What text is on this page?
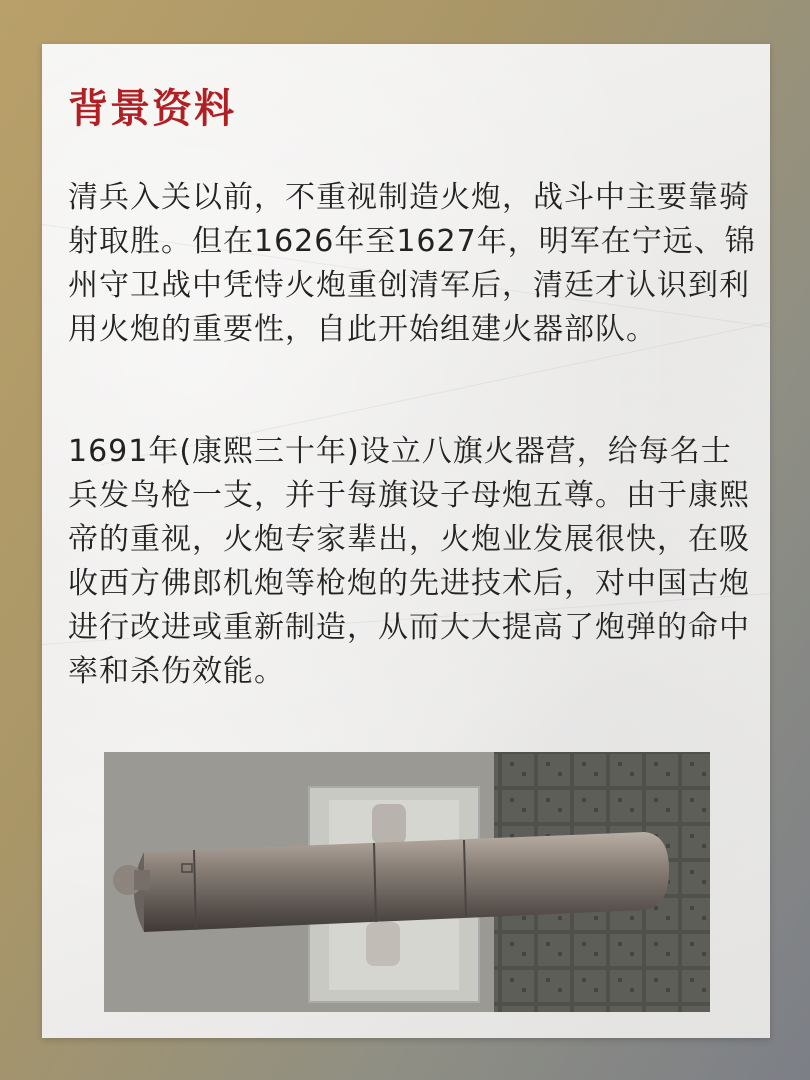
背景资料
清兵入关以前，不重视制造火炮，战斗中主要靠骑射取胜。但在1626年至1627年，明军在宁远、锦州守卫战中凭恃火炮重创清军后，清廷才认识到利用火炮的重要性，自此开始组建火器部队。
1691年(康熙三十年)设立八旗火器营，给每名士兵发鸟枪一支，并于每旗设子母炮五尊。由于康熙帝的重视，火炮专家辈出，火炮业发展很快，在吸收西方佛郎机炮等枪炮的先进技术后，对中国古炮进行改进或重新制造，从而大大提高了炮弹的命中率和杀伤效能。
